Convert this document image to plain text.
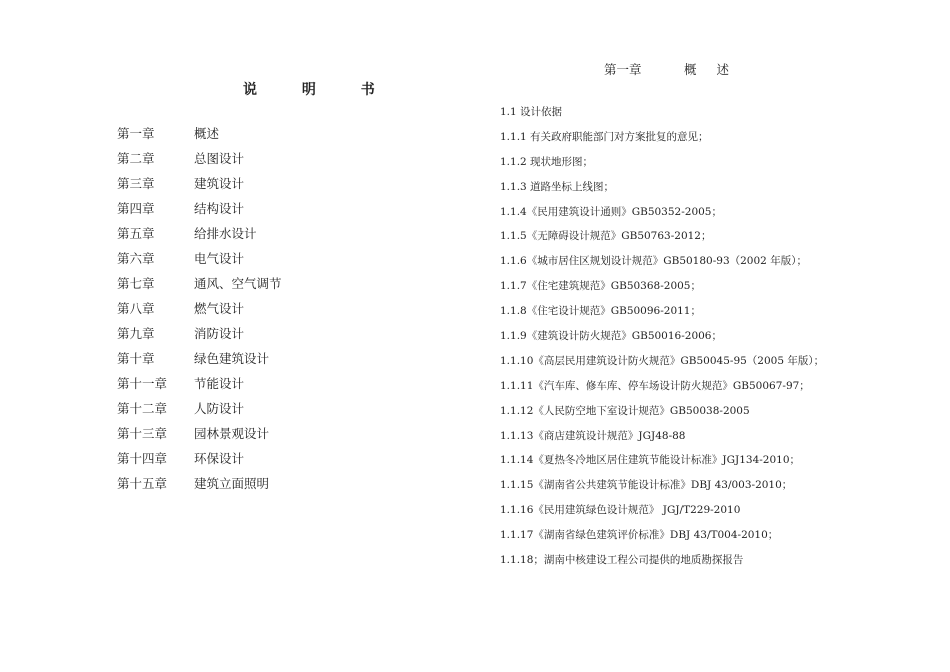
说 明 书
第一章	概述
第二章	总图设计
第三章	建筑设计
第四章	结构设计
第五章	给排水设计
第六章	电气设计
第七章	通风、空气调节
第八章	燃气设计
第九章	消防设计
第十章	绿色建筑设计
第十一章 节能设计
第十二章 人防设计
第十三章 园林景观设计
第十四章 环保设计
第十五章 建筑立面照明
第一章	概 述
1.1 设计依据
1.1.1 有关政府职能部门对方案批复的意见；
1.1.2 现状地形图；
1.1.3 道路坐标上线图；
1.1.4《民用建筑设计通则》GB50352-2005；
1.1.5《无障碍设计规范》GB50763-2012；
1.1.6《城市居住区规划设计规范》GB50180-93（2002 年版）；
1.1.7《住宅建筑规范》GB50368-2005；
1.1.8《住宅设计规范》GB50096-2011；
1.1.9《建筑设计防火规范》GB50016-2006；
1.1.10《高层民用建筑设计防火规范》GB50045-95（2005 年版）；
1.1.11《汽车库、修车库、停车场设计防火规范》GB50067-97；
1.1.12《人民防空地下室设计规范》GB50038-2005
1.1.13《商店建筑设计规范》JGJ48-88
1.1.14《夏热冬冷地区居住建筑节能设计标准》JGJ134-2010；
1.1.15《湖南省公共建筑节能设计标准》DBJ 43/003-2010；
1.1.16《民用建筑绿色设计规范》 JGJ/T229-2010
1.1.17《湖南省绿色建筑评价标准》DBJ 43/T004-2010；
1.1.18；湖南中核建设工程公司提供的地质勘探报告
